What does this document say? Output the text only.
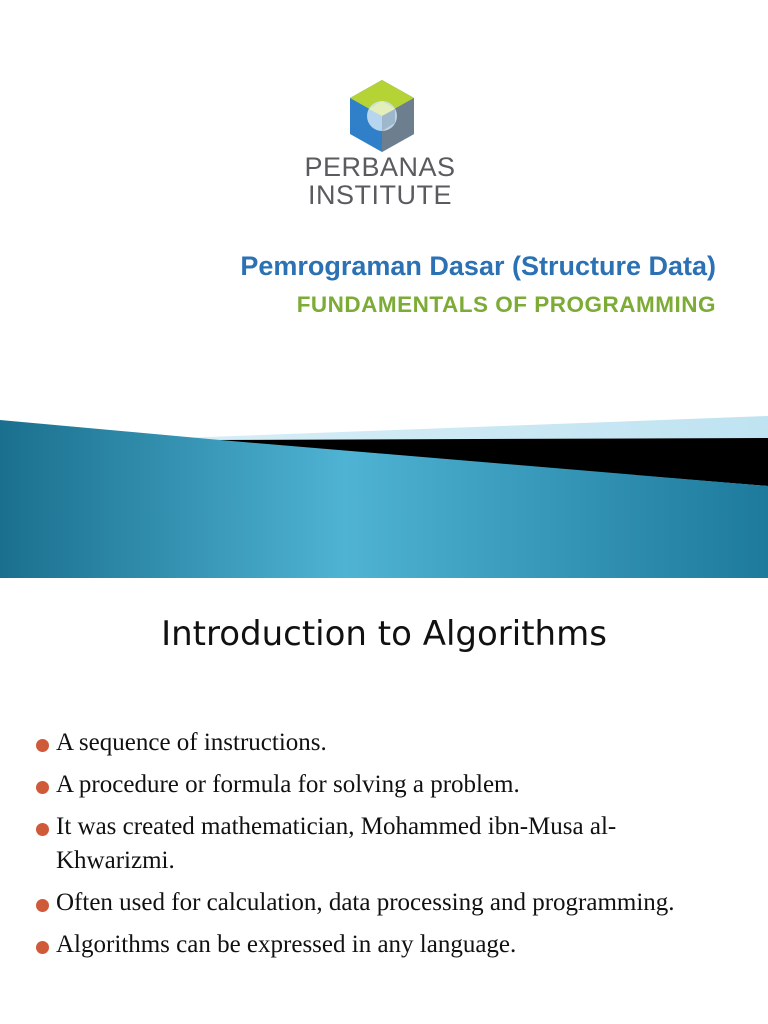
PERBANAS
INSTITUTE
Pemrograman Dasar (Structure Data)
FUNDAMENTALS OF PROGRAMMING
Introduction to Algorithms
A sequence of instructions.
A procedure or formula for solving a problem.
It was created mathematician, Mohammed ibn-Musa al-Khwarizmi.
Often used for calculation, data processing and programming.
Algorithms can be expressed in any language.
